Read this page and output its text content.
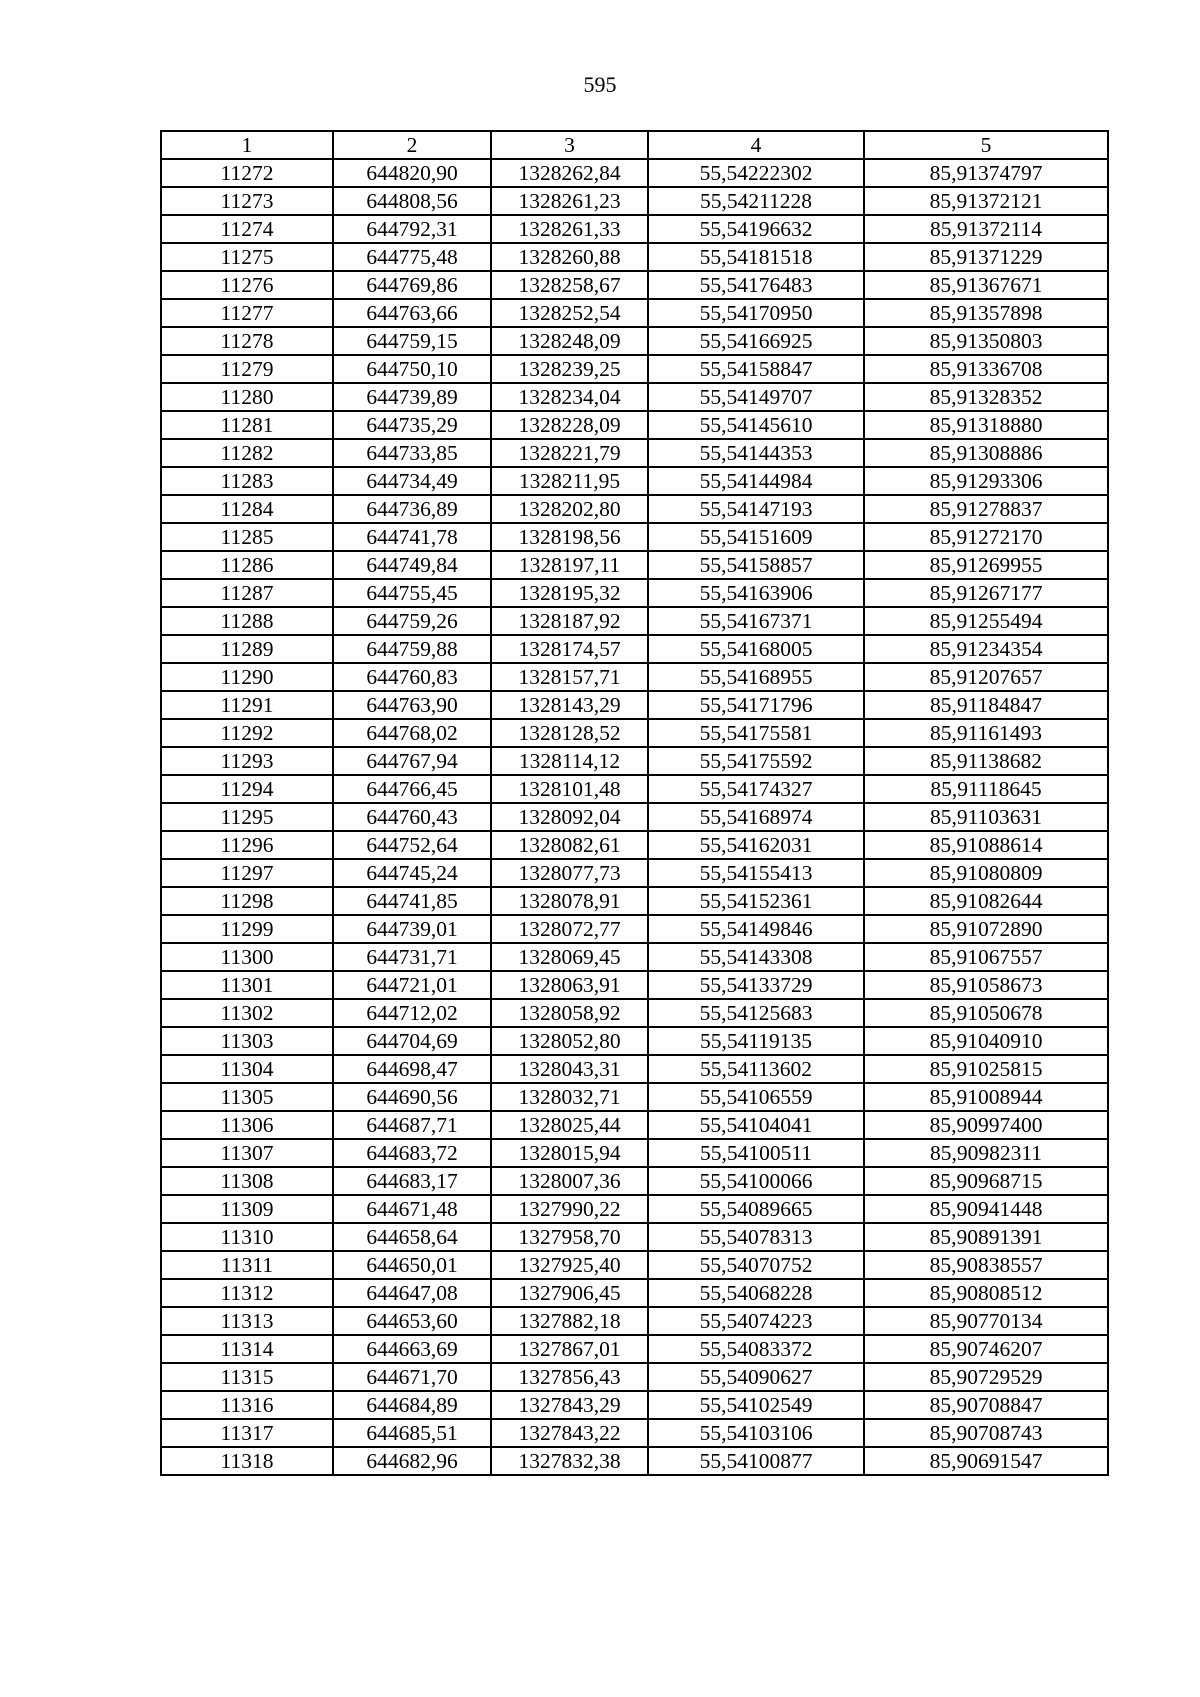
595
1	2	3	4	5
11272	644820,90	1328262,84	55,54222302	85,91374797
11273	644808,56	1328261,23	55,54211228	85,91372121
11274	644792,31	1328261,33	55,54196632	85,91372114
11275	644775,48	1328260,88	55,54181518	85,91371229
11276	644769,86	1328258,67	55,54176483	85,91367671
11277	644763,66	1328252,54	55,54170950	85,91357898
11278	644759,15	1328248,09	55,54166925	85,91350803
11279	644750,10	1328239,25	55,54158847	85,91336708
11280	644739,89	1328234,04	55,54149707	85,91328352
11281	644735,29	1328228,09	55,54145610	85,91318880
11282	644733,85	1328221,79	55,54144353	85,91308886
11283	644734,49	1328211,95	55,54144984	85,91293306
11284	644736,89	1328202,80	55,54147193	85,91278837
11285	644741,78	1328198,56	55,54151609	85,91272170
11286	644749,84	1328197,11	55,54158857	85,91269955
11287	644755,45	1328195,32	55,54163906	85,91267177
11288	644759,26	1328187,92	55,54167371	85,91255494
11289	644759,88	1328174,57	55,54168005	85,91234354
11290	644760,83	1328157,71	55,54168955	85,91207657
11291	644763,90	1328143,29	55,54171796	85,91184847
11292	644768,02	1328128,52	55,54175581	85,91161493
11293	644767,94	1328114,12	55,54175592	85,91138682
11294	644766,45	1328101,48	55,54174327	85,91118645
11295	644760,43	1328092,04	55,54168974	85,91103631
11296	644752,64	1328082,61	55,54162031	85,91088614
11297	644745,24	1328077,73	55,54155413	85,91080809
11298	644741,85	1328078,91	55,54152361	85,91082644
11299	644739,01	1328072,77	55,54149846	85,91072890
11300	644731,71	1328069,45	55,54143308	85,91067557
11301	644721,01	1328063,91	55,54133729	85,91058673
11302	644712,02	1328058,92	55,54125683	85,91050678
11303	644704,69	1328052,80	55,54119135	85,91040910
11304	644698,47	1328043,31	55,54113602	85,91025815
11305	644690,56	1328032,71	55,54106559	85,91008944
11306	644687,71	1328025,44	55,54104041	85,90997400
11307	644683,72	1328015,94	55,54100511	85,90982311
11308	644683,17	1328007,36	55,54100066	85,90968715
11309	644671,48	1327990,22	55,54089665	85,90941448
11310	644658,64	1327958,70	55,54078313	85,90891391
11311	644650,01	1327925,40	55,54070752	85,90838557
11312	644647,08	1327906,45	55,54068228	85,90808512
11313	644653,60	1327882,18	55,54074223	85,90770134
11314	644663,69	1327867,01	55,54083372	85,90746207
11315	644671,70	1327856,43	55,54090627	85,90729529
11316	644684,89	1327843,29	55,54102549	85,90708847
11317	644685,51	1327843,22	55,54103106	85,90708743
11318	644682,96	1327832,38	55,54100877	85,90691547
